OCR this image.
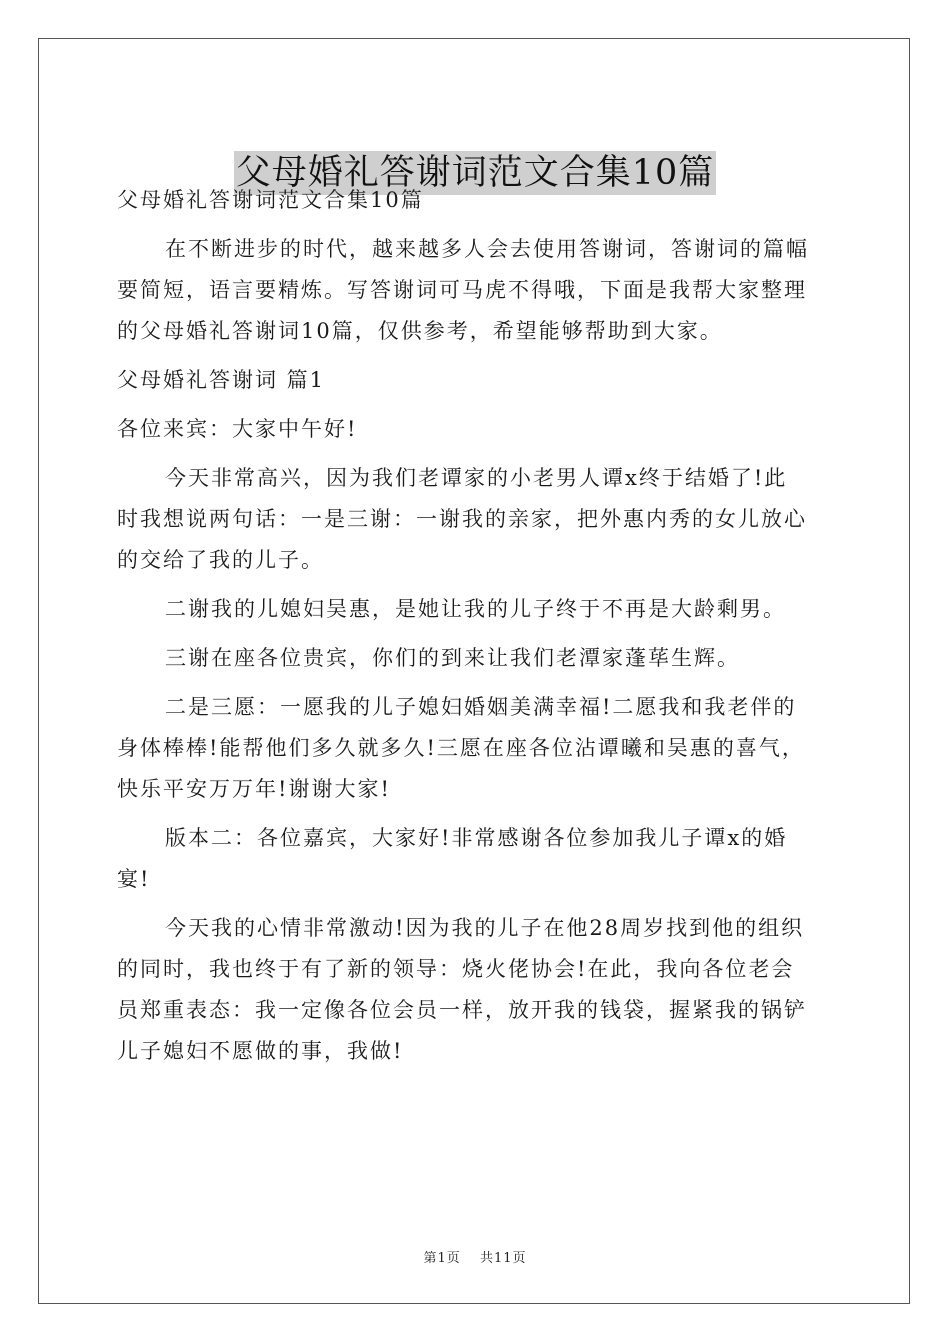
父母婚礼答谢词范文合集10篇
父母婚礼答谢词范文合集10篇
在不断进步的时代，越来越多人会去使用答谢词，答谢词的篇幅
要简短，语言要精炼。写答谢词可马虎不得哦，下面是我帮大家整理
的父母婚礼答谢词10篇，仅供参考，希望能够帮助到大家。
父母婚礼答谢词 篇1
各位来宾：大家中午好!
今天非常高兴，因为我们老谭家的小老男人谭x终于结婚了!此
时我想说两句话：一是三谢：一谢我的亲家，把外惠内秀的女儿放心
的交给了我的儿子。
二谢我的儿媳妇吴惠，是她让我的儿子终于不再是大龄剩男。
三谢在座各位贵宾，你们的到来让我们老潭家蓬荜生辉。
二是三愿：一愿我的儿子媳妇婚姻美满幸福!二愿我和我老伴的
身体棒棒!能帮他们多久就多久!三愿在座各位沾谭曦和吴惠的喜气，
快乐平安万万年!谢谢大家!
版本二：各位嘉宾，大家好!非常感谢各位参加我儿子谭x的婚
宴!
今天我的心情非常激动!因为我的儿子在他28周岁找到他的组织
的同时，我也终于有了新的领导：烧火佬协会!在此，我向各位老会
员郑重表态：我一定像各位会员一样，放开我的钱袋，握紧我的锅铲
儿子媳妇不愿做的事，我做!
第1页 共11页
